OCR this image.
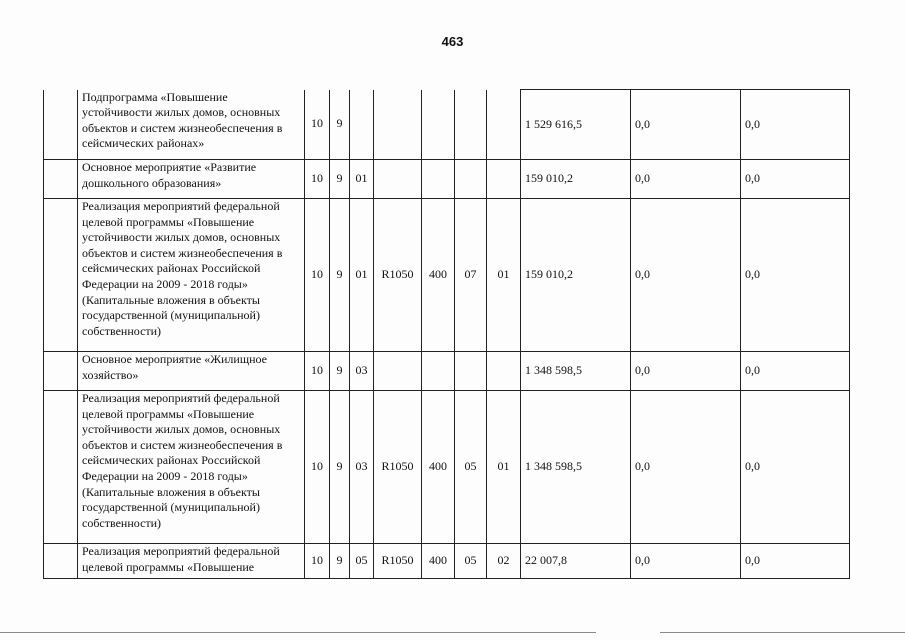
463
	Подпрограмма «Повышение устойчивости жилых домов, основных объектов и систем жизнеобеспечения в сейсмических районах»	10	9						1 529 616,5	0,0	0,0
	Основное мероприятие «Развитие дошкольного образования»	10	9	01					159 010,2	0,0	0,0
	Реализация мероприятий федеральной целевой программы «Повышение устойчивости жилых домов, основных объектов и систем жизнеобеспечения в сейсмических районах Российской Федерации на 2009 - 2018 годы» (Капитальные вложения в объекты государственной (муниципальной) собственности)	10	9	01	R1050	400	07	01	159 010,2	0,0	0,0
	Основное мероприятие «Жилищное хозяйство»	10	9	03					1 348 598,5	0,0	0,0
	Реализация мероприятий федеральной целевой программы «Повышение устойчивости жилых домов, основных объектов и систем жизнеобеспечения в сейсмических районах Российской Федерации на 2009 - 2018 годы» (Капитальные вложения в объекты государственной (муниципальной) собственности)	10	9	03	R1050	400	05	01	1 348 598,5	0,0	0,0
	Реализация мероприятий федеральной целевой программы «Повышение	10	9	05	R1050	400	05	02	22 007,8	0,0	0,0
